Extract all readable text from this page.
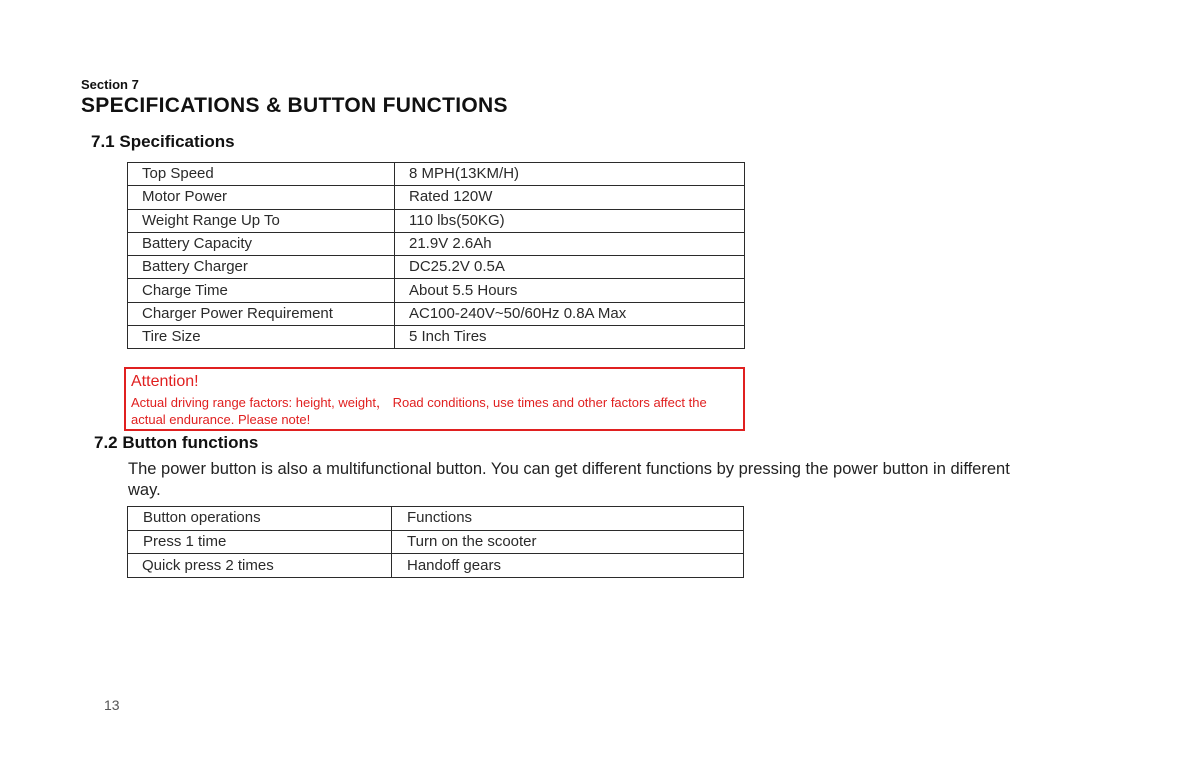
Section 7
SPECIFICATIONS & BUTTON FUNCTIONS
7.1 Specifications
Top Speed	8 MPH(13KM/H)
Motor Power	Rated 120W
Weight Range Up To	110 lbs(50KG)
Battery Capacity	21.9V 2.6Ah
Battery Charger	DC25.2V 0.5A
Charge Time	About 5.5 Hours
Charger Power Requirement	AC100-240V~50/60Hz 0.8A Max
Tire Size	5 Inch Tires
Attention!
Actual driving range factors: height, weight， Road conditions, use times and other factors affect the actual endurance. Please note!
7.2 Button functions
The power button is also a multifunctional button. You can get different functions by pressing the power button in different way.
Button operations	Functions
Press 1 time	Turn on the scooter
Quick press 2 times	Handoff gears
13
